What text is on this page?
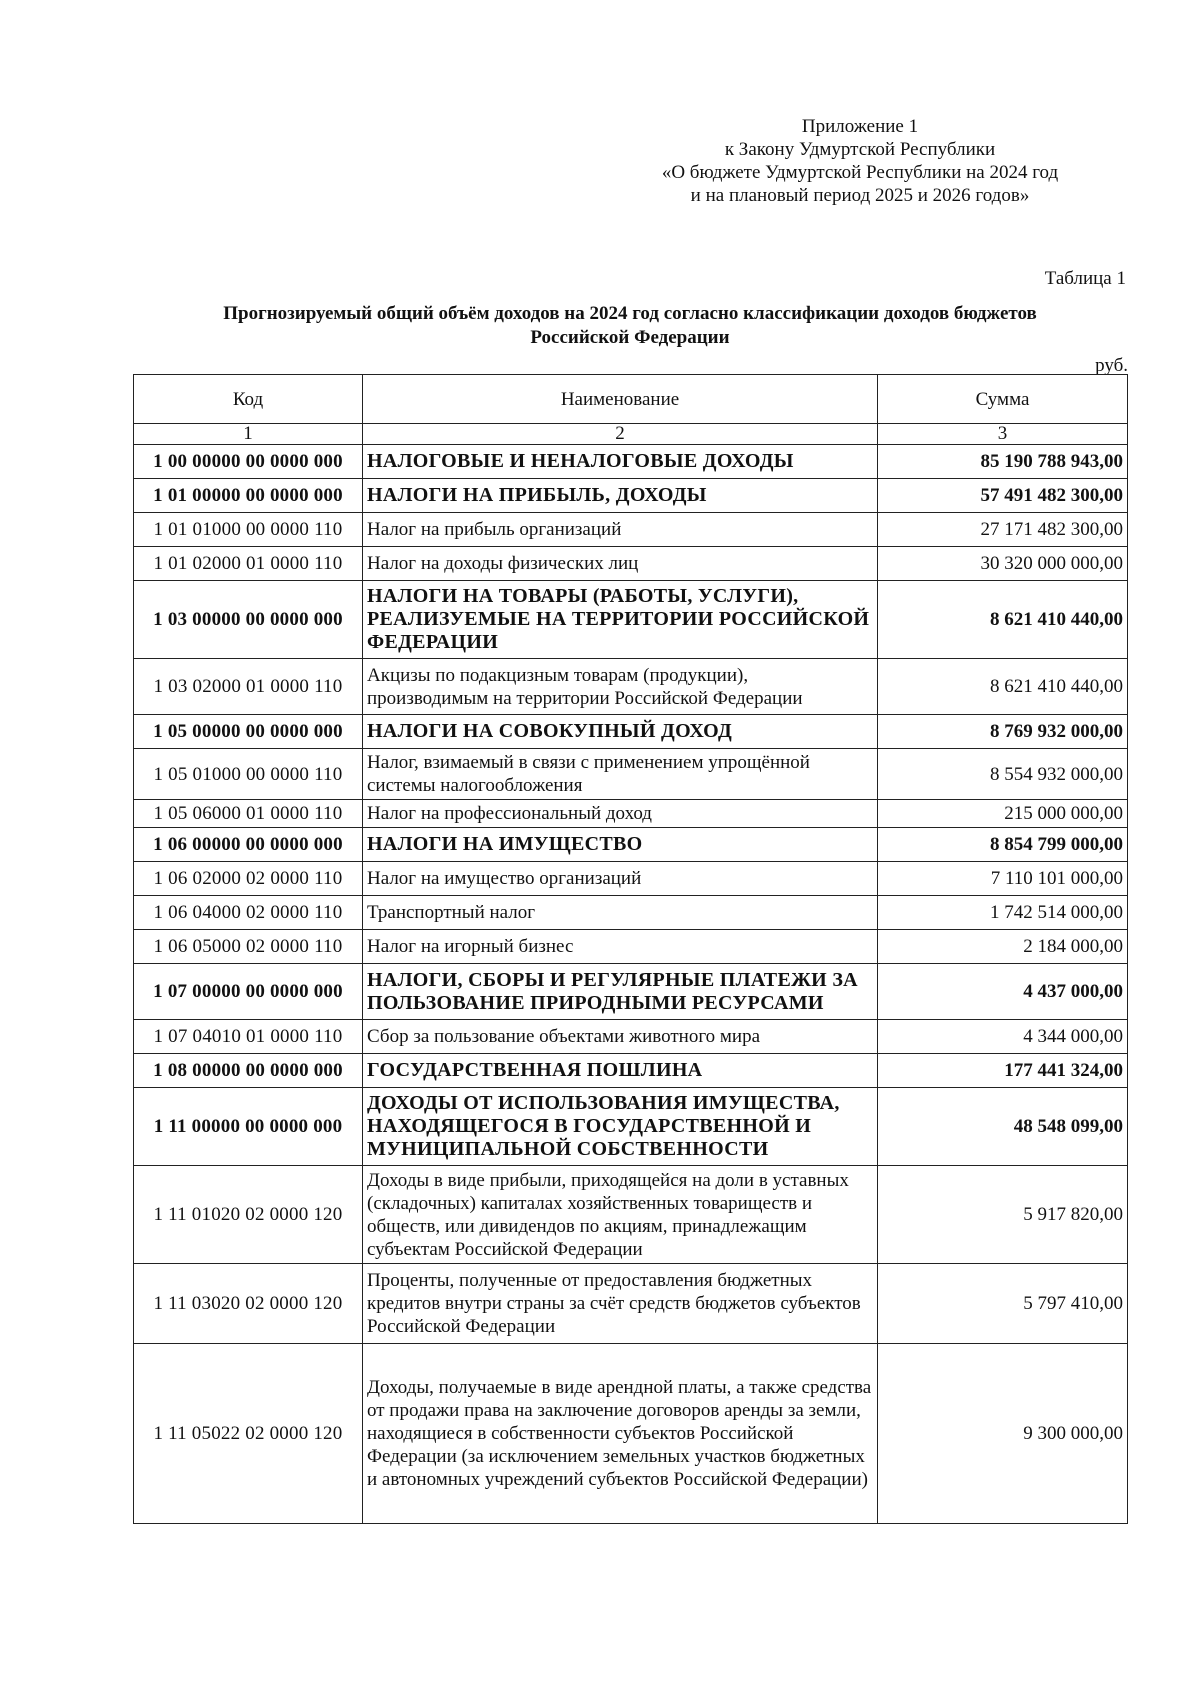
Приложение 1
к Закону Удмуртской Республики
«О бюджете Удмуртской Республики на 2024 год
и на плановый период 2025 и 2026 годов»
Таблица 1
Прогнозируемый общий объём доходов на 2024 год согласно классификации доходов бюджетов
Российской Федерации
руб.
Код	Наименование	Сумма
1	2	3
1 00 00000 00 0000 000	НАЛОГОВЫЕ И НЕНАЛОГОВЫЕ ДОХОДЫ	85 190 788 943,00
1 01 00000 00 0000 000	НАЛОГИ НА ПРИБЫЛЬ, ДОХОДЫ	57 491 482 300,00
1 01 01000 00 0000 110	Налог на прибыль организаций	27 171 482 300,00
1 01 02000 01 0000 110	Налог на доходы физических лиц	30 320 000 000,00
1 03 00000 00 0000 000	НАЛОГИ НА ТОВАРЫ (РАБОТЫ, УСЛУГИ), РЕАЛИЗУЕМЫЕ НА ТЕРРИТОРИИ РОССИЙСКОЙ ФЕДЕРАЦИИ	8 621 410 440,00
1 03 02000 01 0000 110	Акцизы по подакцизным товарам (продукции), производимым на территории Российской Федерации	8 621 410 440,00
1 05 00000 00 0000 000	НАЛОГИ НА СОВОКУПНЫЙ ДОХОД	8 769 932 000,00
1 05 01000 00 0000 110	Налог, взимаемый в связи с применением упрощённой системы налогообложения	8 554 932 000,00
1 05 06000 01 0000 110	Налог на профессиональный доход	215 000 000,00
1 06 00000 00 0000 000	НАЛОГИ НА ИМУЩЕСТВО	8 854 799 000,00
1 06 02000 02 0000 110	Налог на имущество организаций	7 110 101 000,00
1 06 04000 02 0000 110	Транспортный налог	1 742 514 000,00
1 06 05000 02 0000 110	Налог на игорный бизнес	2 184 000,00
1 07 00000 00 0000 000	НАЛОГИ, СБОРЫ И РЕГУЛЯРНЫЕ ПЛАТЕЖИ ЗА ПОЛЬЗОВАНИЕ ПРИРОДНЫМИ РЕСУРСАМИ	4 437 000,00
1 07 04010 01 0000 110	Сбор за пользование объектами животного мира	4 344 000,00
1 08 00000 00 0000 000	ГОСУДАРСТВЕННАЯ ПОШЛИНА	177 441 324,00
1 11 00000 00 0000 000	ДОХОДЫ ОТ ИСПОЛЬЗОВАНИЯ ИМУЩЕСТВА, НАХОДЯЩЕГОСЯ В ГОСУДАРСТВЕННОЙ И МУНИЦИПАЛЬНОЙ СОБСТВЕННОСТИ	48 548 099,00
1 11 01020 02 0000 120	Доходы в виде прибыли, приходящейся на доли в уставных (складочных) капиталах хозяйственных товариществ и обществ, или дивидендов по акциям, принадлежащим субъектам Российской Федерации	5 917 820,00
1 11 03020 02 0000 120	Проценты, полученные от предоставления бюджетных кредитов внутри страны за счёт средств бюджетов субъектов Российской Федерации	5 797 410,00
1 11 05022 02 0000 120	Доходы, получаемые в виде арендной платы, а также средства от продажи права на заключение договоров аренды за земли, находящиеся в собственности субъектов Российской Федерации (за исключением земельных участков бюджетных и автономных учреждений субъектов Российской Федерации)	9 300 000,00
